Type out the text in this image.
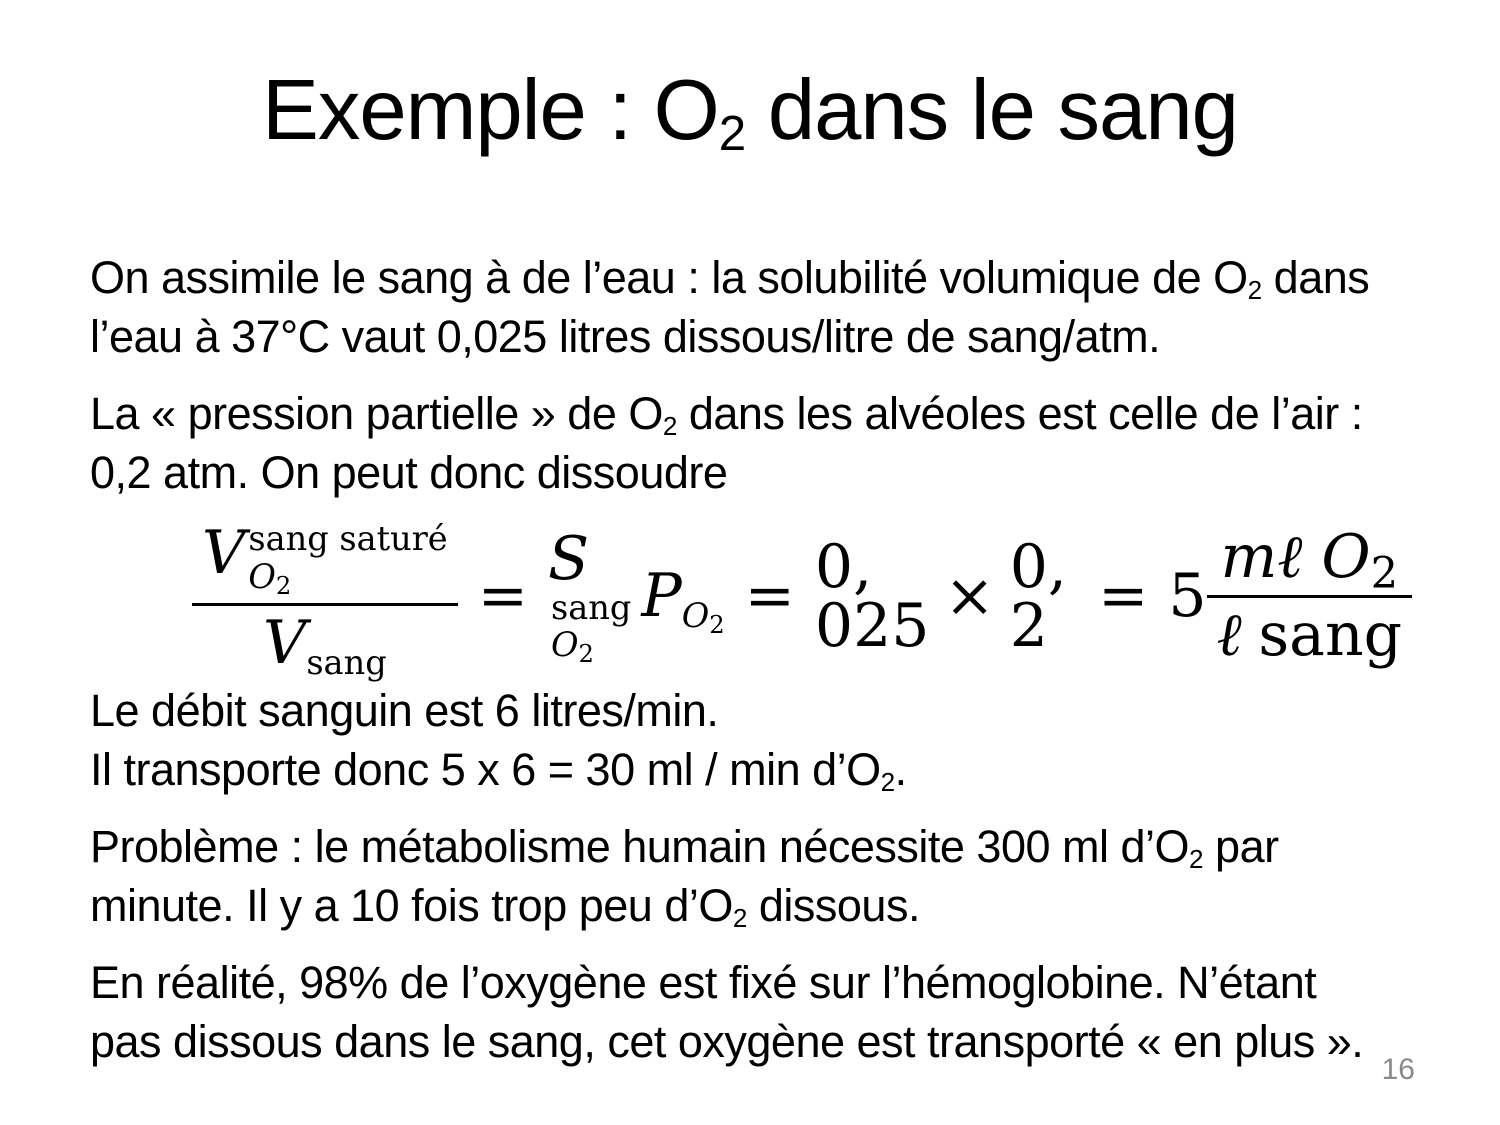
Exemple : $O_2$ dans le sang

On assimile le sang à de l’eau : la solubilité volumique de $O_2$ dans
l’eau à 37°C vaut 0,025 litres dissous/litre de sang/atm.

La « pression partielle » de $O_2$ dans les alvéoles est celle de l’air :
0,2 atm. On peut donc dissoudre

V sang saturé
O2
Vsang =
S
sang
O2
PO2 = 0, 025 × 0, $2 = 5 \frac{\text{mℓ O2}}{\text{ℓ sang}}$

Le débit sanguin est 6 litres/min.
Il transporte donc 5 x 6 = 30 ml / $\min d’O_2$.

Problème : le métabolisme humain nécessite 300 ml $d’O_2$ par
minute. Il y a 10 fois trop peu $d’O_2$ dissous.

En réalité, 98% de l’oxygène est fixé sur l’hémoglobine. N’étant
pas dissous dans le sang, cet oxygène est transporté « en plus ».

16
